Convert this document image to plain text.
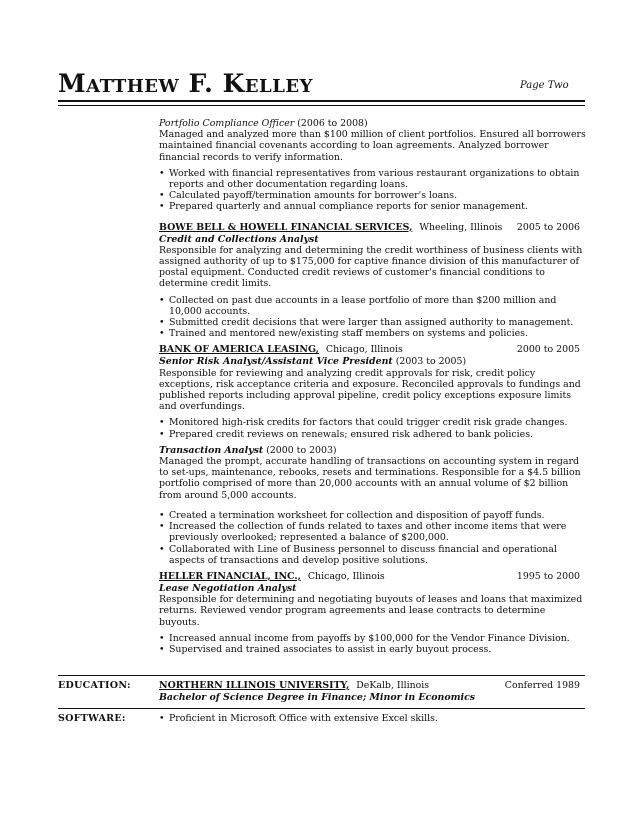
Matthew F. Kelley	Page Two

Portfolio Compliance Officer (2006 to 2008)

Managed and analyzed more than $100 million of client portfolios. Ensured all borrowers maintained financial covenants according to loan agreements. Analyzed borrower financial records to verify information.

• Worked with financial representatives from various restaurant organizations to obtain reports and other documentation regarding loans.
• Calculated payoff/termination amounts for borrower's loans.
• Prepared quarterly and annual compliance reports for senior management.
BOWE BELL & HOWELL FINANCIAL SERVICES, Wheeling, Illinois 2005 to 2006

Credit and Collections Analyst

Responsible for analyzing and determining the credit worthiness of business clients with assigned authority of up to $175,000 for captive finance division of this manufacturer of postal equipment. Conducted credit reviews of customer's financial conditions to determine credit limits.

• Collected on past due accounts in a lease portfolio of more than $200 million and 10,000 accounts.
• Submitted credit decisions that were larger than assigned authority to management.
• Trained and mentored new/existing staff members on systems and policies.
BANK OF AMERICA LEASING, Chicago, Illinois	2000 to 2005

Senior Risk Analyst/Assistant Vice President (2003 to 2005)

Responsible for reviewing and analyzing credit approvals for risk, credit policy exceptions, risk acceptance criteria and exposure. Reconciled approvals to fundings and published reports including approval pipeline, credit policy exceptions exposure limits and overfundings.

• Monitored high-risk credits for factors that could trigger credit risk grade changes.
• Prepared credit reviews on renewals; ensured risk adhered to bank policies.

Transaction Analyst (2000 to 2003)

Managed the prompt, accurate handling of transactions on accounting system in regard to set-ups, maintenance, rebooks, resets and terminations. Responsible for a $4.5 billion portfolio comprised of more than 20,000 accounts with an annual volume of $2 billion from around 5,000 accounts.

• Created a termination worksheet for collection and disposition of payoff funds.
• Increased the collection of funds related to taxes and other income items that were previously overlooked; represented a balance of $200,000.
• Collaborated with Line of Business personnel to discuss financial and operational aspects of transactions and develop positive solutions.
HELLER FINANCIAL, INC., Chicago, Illinois	1995 to 2000

Lease Negotiation Analyst

Responsible for determining and negotiating buyouts of leases and loans that maximized returns. Reviewed vendor program agreements and lease contracts to determine buyouts.

• Increased annual income from payoffs by $100,000 for the Vendor Finance Division.
• Supervised and trained associates to assist in early buyout process.
EDUCATION:	NORTHERN ILLINOIS UNIVERSITY, DeKalb, Illinois	Conferred 1989

Bachelor of Science Degree in Finance; Minor in Economics

SOFTWARE:
•	Proficient in Microsoft Office with extensive Excel skills.
